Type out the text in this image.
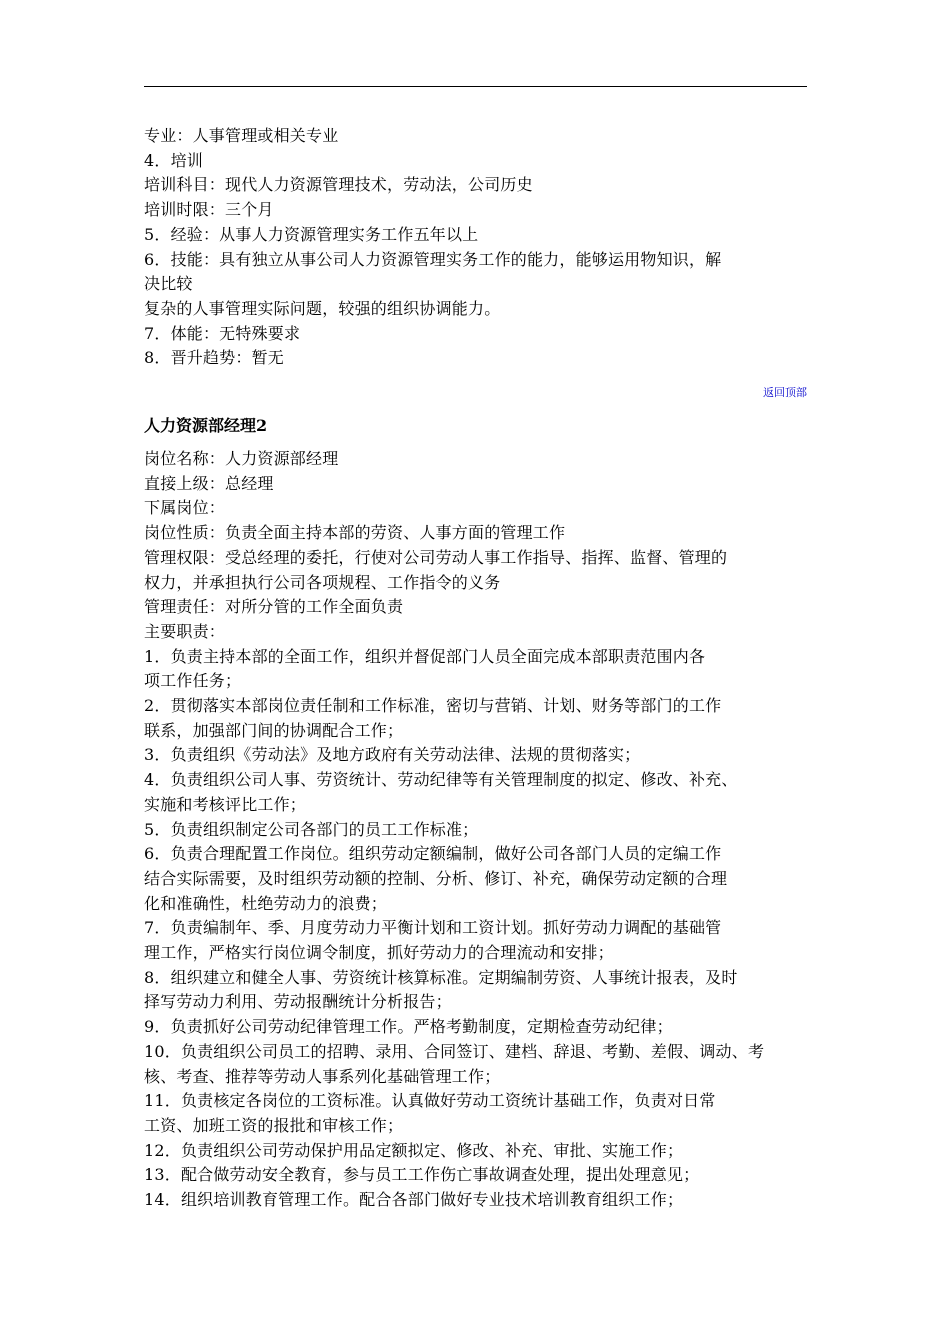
专业：人事管理或相关专业
4．培训
培训科目：现代人力资源管理技术，劳动法，公司历史
培训时限：三个月
5．经验：从事人力资源管理实务工作五年以上
6．技能：具有独立从事公司人力资源管理实务工作的能力，能够运用物知识，解
决比较
复杂的人事管理实际问题，较强的组织协调能力。
7．体能：无特殊要求
8．晋升趋势：暂无
返回顶部
人力资源部经理2
岗位名称：人力资源部经理
直接上级：总经理
下属岗位：
岗位性质：负责全面主持本部的劳资、人事方面的管理工作
管理权限：受总经理的委托，行使对公司劳动人事工作指导、指挥、监督、管理的
权力，并承担执行公司各项规程、工作指令的义务
管理责任：对所分管的工作全面负责
主要职责：
1．负责主持本部的全面工作，组织并督促部门人员全面完成本部职责范围内各
项工作任务；
2．贯彻落实本部岗位责任制和工作标准，密切与营销、计划、财务等部门的工作
联系，加强部门间的协调配合工作；
3．负责组织《劳动法》及地方政府有关劳动法律、法规的贯彻落实；
4．负责组织公司人事、劳资统计、劳动纪律等有关管理制度的拟定、修改、补充、
实施和考核评比工作；
5．负责组织制定公司各部门的员工工作标准；
6．负责合理配置工作岗位。组织劳动定额编制，做好公司各部门人员的定编工作
结合实际需要，及时组织劳动额的控制、分析、修订、补充，确保劳动定额的合理
化和准确性，杜绝劳动力的浪费；
7．负责编制年、季、月度劳动力平衡计划和工资计划。抓好劳动力调配的基础管
理工作，严格实行岗位调令制度，抓好劳动力的合理流动和安排；
8．组织建立和健全人事、劳资统计核算标准。定期编制劳资、人事统计报表，及时
择写劳动力利用、劳动报酬统计分析报告；
9．负责抓好公司劳动纪律管理工作。严格考勤制度，定期检查劳动纪律；
10．负责组织公司员工的招聘、录用、合同签订、建档、辞退、考勤、差假、调动、考
核、考查、推荐等劳动人事系列化基础管理工作；
11．负责核定各岗位的工资标准。认真做好劳动工资统计基础工作，负责对日常
工资、加班工资的报批和审核工作；
12．负责组织公司劳动保护用品定额拟定、修改、补充、审批、实施工作；
13．配合做劳动安全教育，参与员工工作伤亡事故调查处理，提出处理意见；
14．组织培训教育管理工作。配合各部门做好专业技术培训教育组织工作；
